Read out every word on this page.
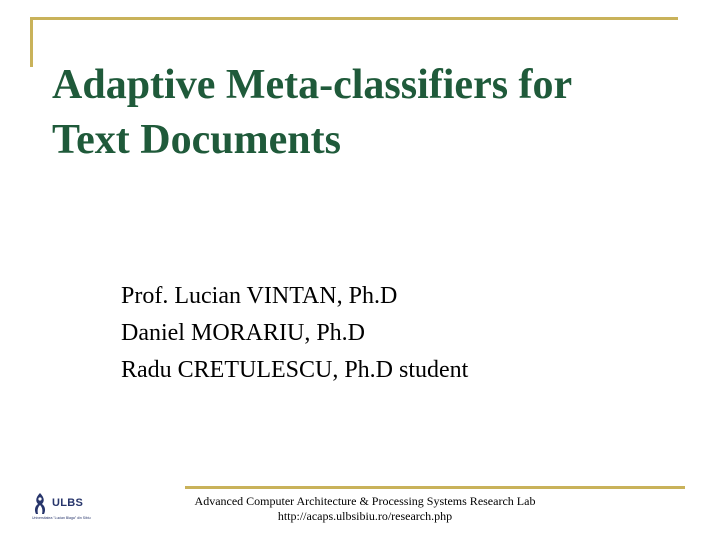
Adaptive Meta-classifiers for
Text Documents
Prof. Lucian VINTAN, Ph.D
Daniel MORARIU, Ph.D
Radu CRETULESCU, Ph.D student
ULBS
Universitatea "Lucian Blaga" din Sibiu
Advanced Computer Architecture & Processing Systems Research Lab
http://acaps.ulbsibiu.ro/research.php
